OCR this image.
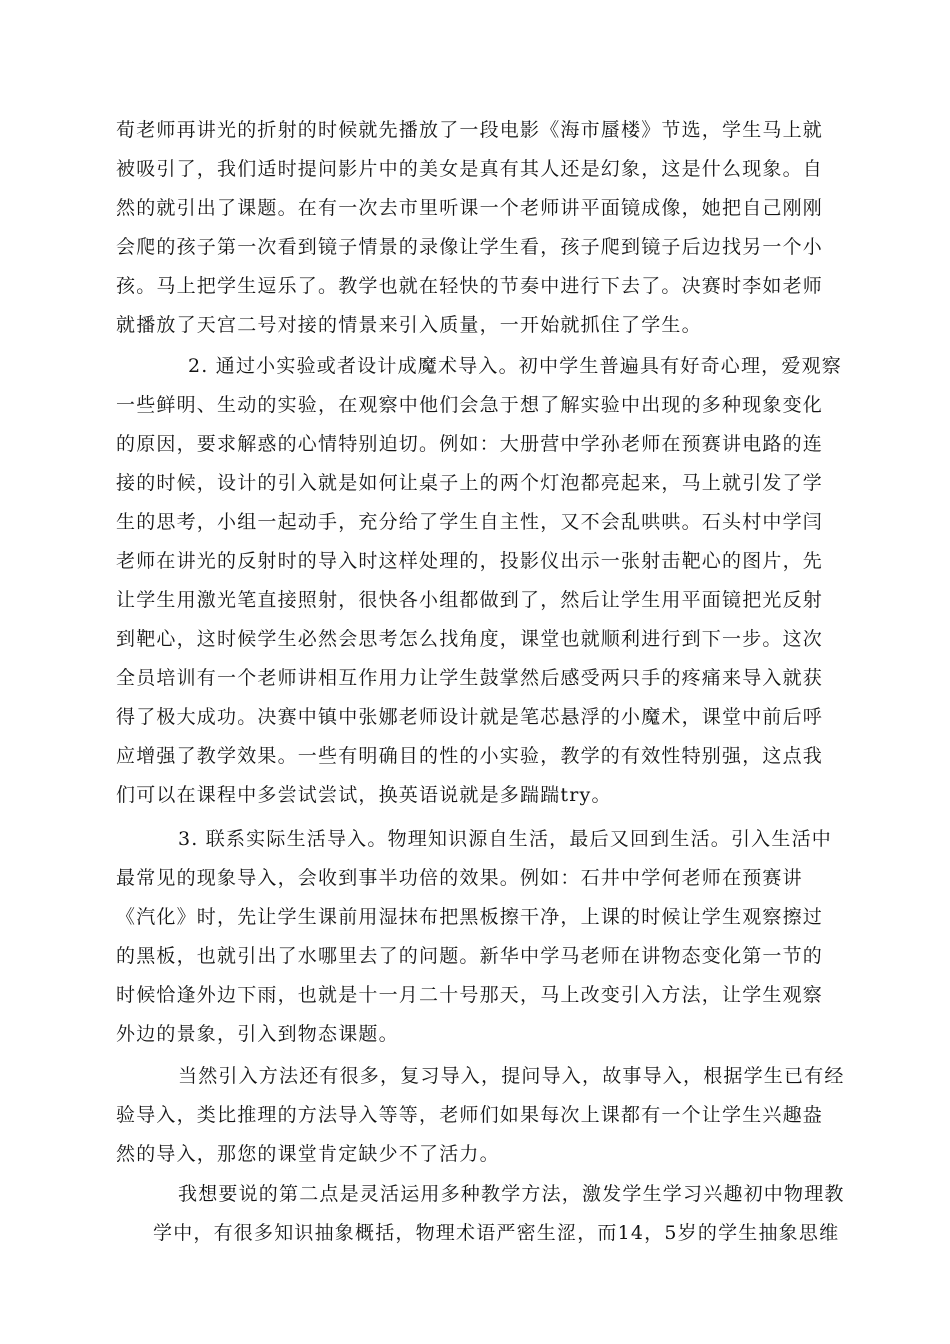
荀老师再讲光的折射的时候就先播放了一段电影《海市蜃楼》节选，学生马上就
被吸引了，我们适时提问影片中的美女是真有其人还是幻象，这是什么现象。自
然的就引出了课题。在有一次去市里听课一个老师讲平面镜成像，她把自己刚刚
会爬的孩子第一次看到镜子情景的录像让学生看，孩子爬到镜子后边找另一个小
孩。马上把学生逗乐了。教学也就在轻快的节奏中进行下去了。决赛时李如老师
就播放了天宫二号对接的情景来引入质量，一开始就抓住了学生。
2. 通过小实验或者设计成魔术导入。初中学生普遍具有好奇心理，爱观察
一些鲜明、生动的实验，在观察中他们会急于想了解实验中出现的多种现象变化
的原因，要求解惑的心情特别迫切。例如：大册营中学孙老师在预赛讲电路的连
接的时候，设计的引入就是如何让桌子上的两个灯泡都亮起来，马上就引发了学
生的思考，小组一起动手，充分给了学生自主性，又不会乱哄哄。石头村中学闫
老师在讲光的反射时的导入时这样处理的，投影仪出示一张射击靶心的图片，先
让学生用激光笔直接照射，很快各小组都做到了，然后让学生用平面镜把光反射
到靶心，这时候学生必然会思考怎么找角度，课堂也就顺利进行到下一步。这次
全员培训有一个老师讲相互作用力让学生鼓掌然后感受两只手的疼痛来导入就获
得了极大成功。决赛中镇中张娜老师设计就是笔芯悬浮的小魔术，课堂中前后呼
应增强了教学效果。一些有明确目的性的小实验，教学的有效性特别强，这点我
们可以在课程中多尝试尝试，换英语说就是多踹踹try。
3. 联系实际生活导入。物理知识源自生活，最后又回到生活。引入生活中
最常见的现象导入，会收到事半功倍的效果。例如：石井中学何老师在预赛讲
《汽化》时，先让学生课前用湿抹布把黑板擦干净，上课的时候让学生观察擦过
的黑板，也就引出了水哪里去了的问题。新华中学马老师在讲物态变化第一节的
时候恰逢外边下雨，也就是十一月二十号那天，马上改变引入方法，让学生观察
外边的景象，引入到物态课题。
当然引入方法还有很多，复习导入，提问导入，故事导入，根据学生已有经
验导入，类比推理的方法导入等等，老师们如果每次上课都有一个让学生兴趣盎
然的导入，那您的课堂肯定缺少不了活力。
我想要说的第二点是灵活运用多种教学方法，激发学生学习兴趣初中物理教
学中，有很多知识抽象概括，物理术语严密生涩，而14，5岁的学生抽象思维
